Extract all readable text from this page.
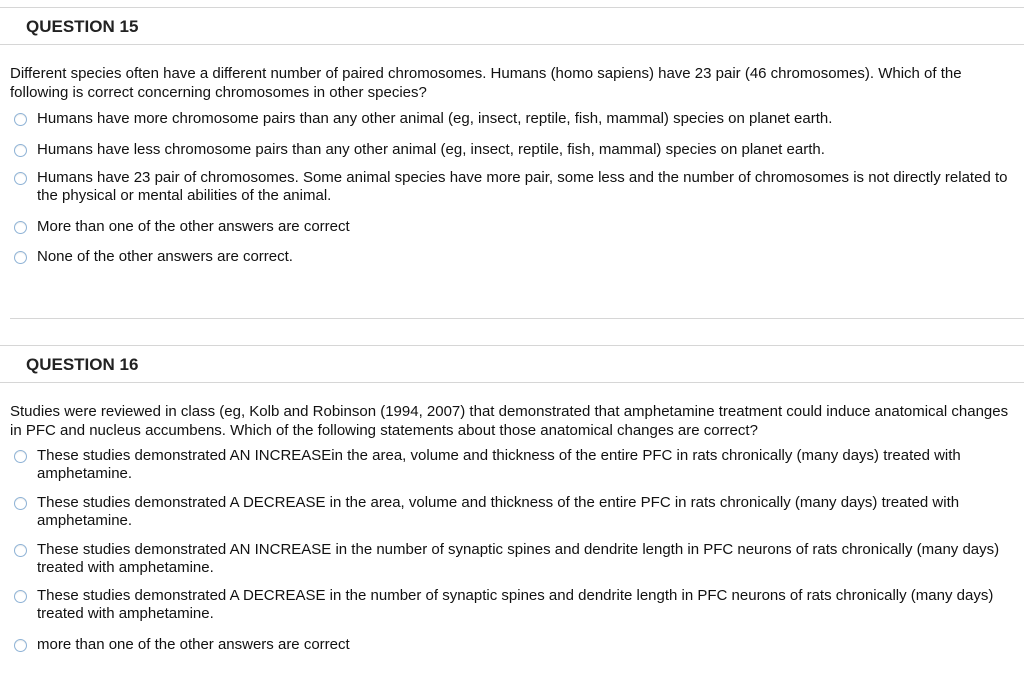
QUESTION 15
Different species often have a different number of paired chromosomes. Humans (homo sapiens) have 23 pair (46 chromosomes). Which of the following is correct concerning chromosomes in other species?
Humans have more chromosome pairs than any other animal (eg, insect, reptile, fish, mammal) species on planet earth.
Humans have less chromosome pairs than any other animal (eg, insect, reptile, fish, mammal) species on planet earth.
Humans have 23 pair of chromosomes. Some animal species have more pair, some less and the number of chromosomes is not directly related to the physical or mental abilities of the animal.
More than one of the other answers are correct
None of the other answers are correct.
QUESTION 16
Studies were reviewed in class (eg, Kolb and Robinson (1994, 2007) that demonstrated that amphetamine treatment could induce anatomical changes in PFC and nucleus accumbens. Which of the following statements about those anatomical changes are correct?
These studies demonstrated AN INCREASEin the area, volume and thickness of the entire PFC in rats chronically (many days) treated with amphetamine.
These studies demonstrated A DECREASE in the area, volume and thickness of the entire PFC in rats chronically (many days) treated with amphetamine.
These studies demonstrated AN INCREASE in the number of synaptic spines and dendrite length in PFC neurons of rats chronically (many days) treated with amphetamine.
These studies demonstrated A DECREASE in the number of synaptic spines and dendrite length in PFC neurons of rats chronically (many days) treated with amphetamine.
more than one of the other answers are correct
